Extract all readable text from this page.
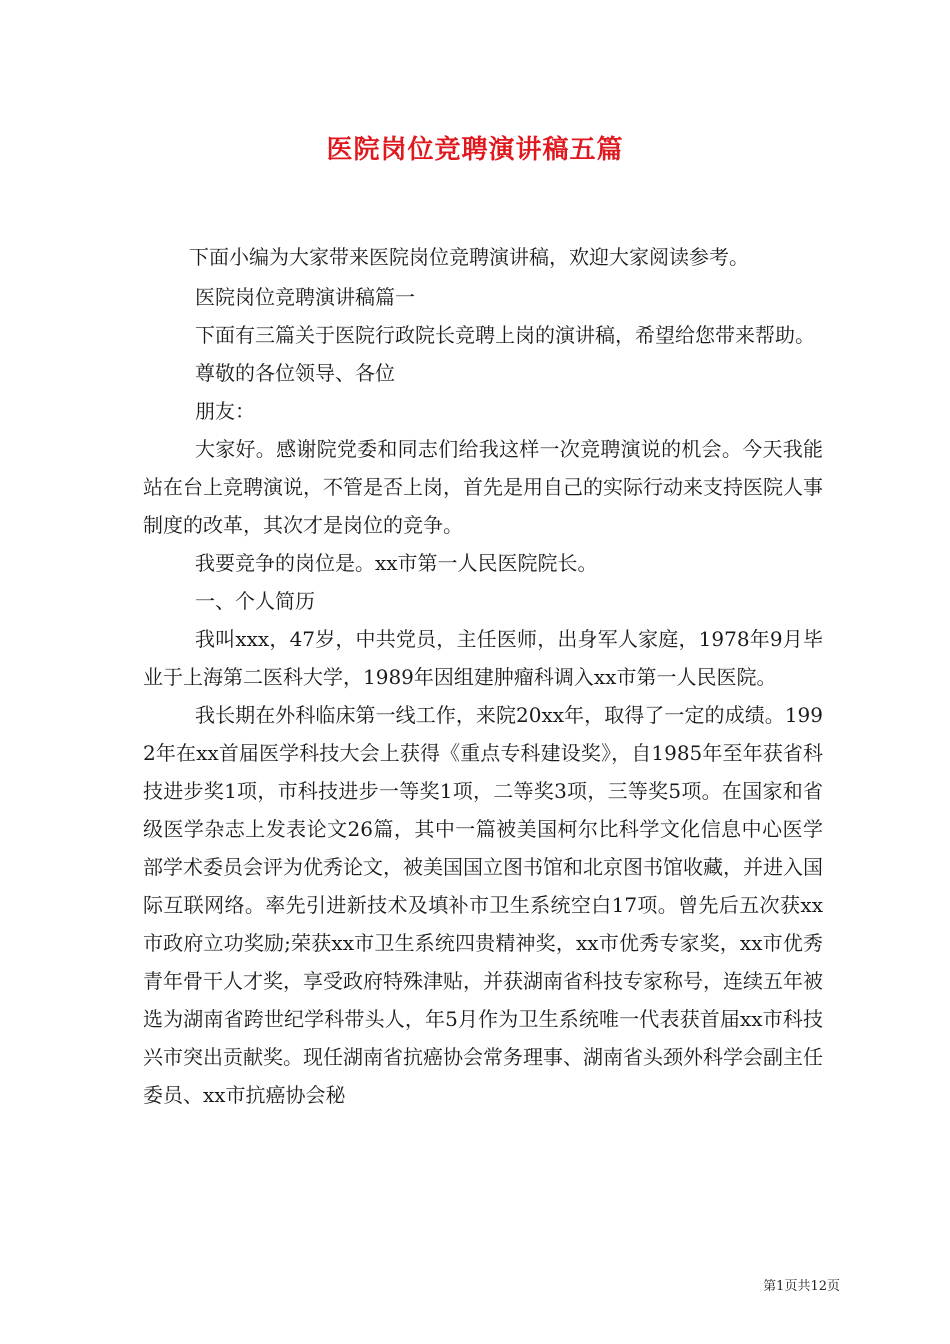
医院岗位竞聘演讲稿五篇

下面小编为大家带来医院岗位竞聘演讲稿，欢迎大家阅读参考。

医院岗位竞聘演讲稿篇一

下面有三篇关于医院行政院长竞聘上岗的演讲稿，希望给您带来帮助。

尊敬的各位领导、各位

朋友：

大家好。感谢院党委和同志们给我这样一次竞聘演说的机会。今天我能站在台上竞聘演说，不管是否上岗，首先是用自己的实际行动来支持医院人事制度的改革，其次才是岗位的竞争。

我要竞争的岗位是。xx市第一人民医院院长。

一、个人简历

我叫xxx，47岁，中共党员，主任医师，出身军人家庭，1978年9月毕业于上海第二医科大学，1989年因组建肿瘤科调入xx市第一人民医院。

我长期在外科临床第一线工作，来院20xx年，取得了一定的成绩。1992年在xx首届医学科技大会上获得《重点专科建设奖》，自1985年至年获省科技进步奖1项，市科技进步一等奖1项，二等奖3项，三等奖5项。在国家和省级医学杂志上发表论文26篇，其中一篇被美国柯尔比科学文化信息中心医学部学术委员会评为优秀论文，被美国国立图书馆和北京图书馆收藏，并进入国际互联网络。率先引进新技术及填补市卫生系统空白17项。曾先后五次获xx市政府立功奖励;荣获xx市卫生系统四贵精神奖，xx市优秀专家奖，xx市优秀青年骨干人才奖，享受政府特殊津贴，并获湖南省科技专家称号，连续五年被选为湖南省跨世纪学科带头人，年5月作为卫生系统唯一代表获首届xx市科技兴市突出贡献奖。现任湖南省抗癌协会常务理事、湖南省头颈外科学会副主任委员、xx市抗癌协会秘

第1页共12页
